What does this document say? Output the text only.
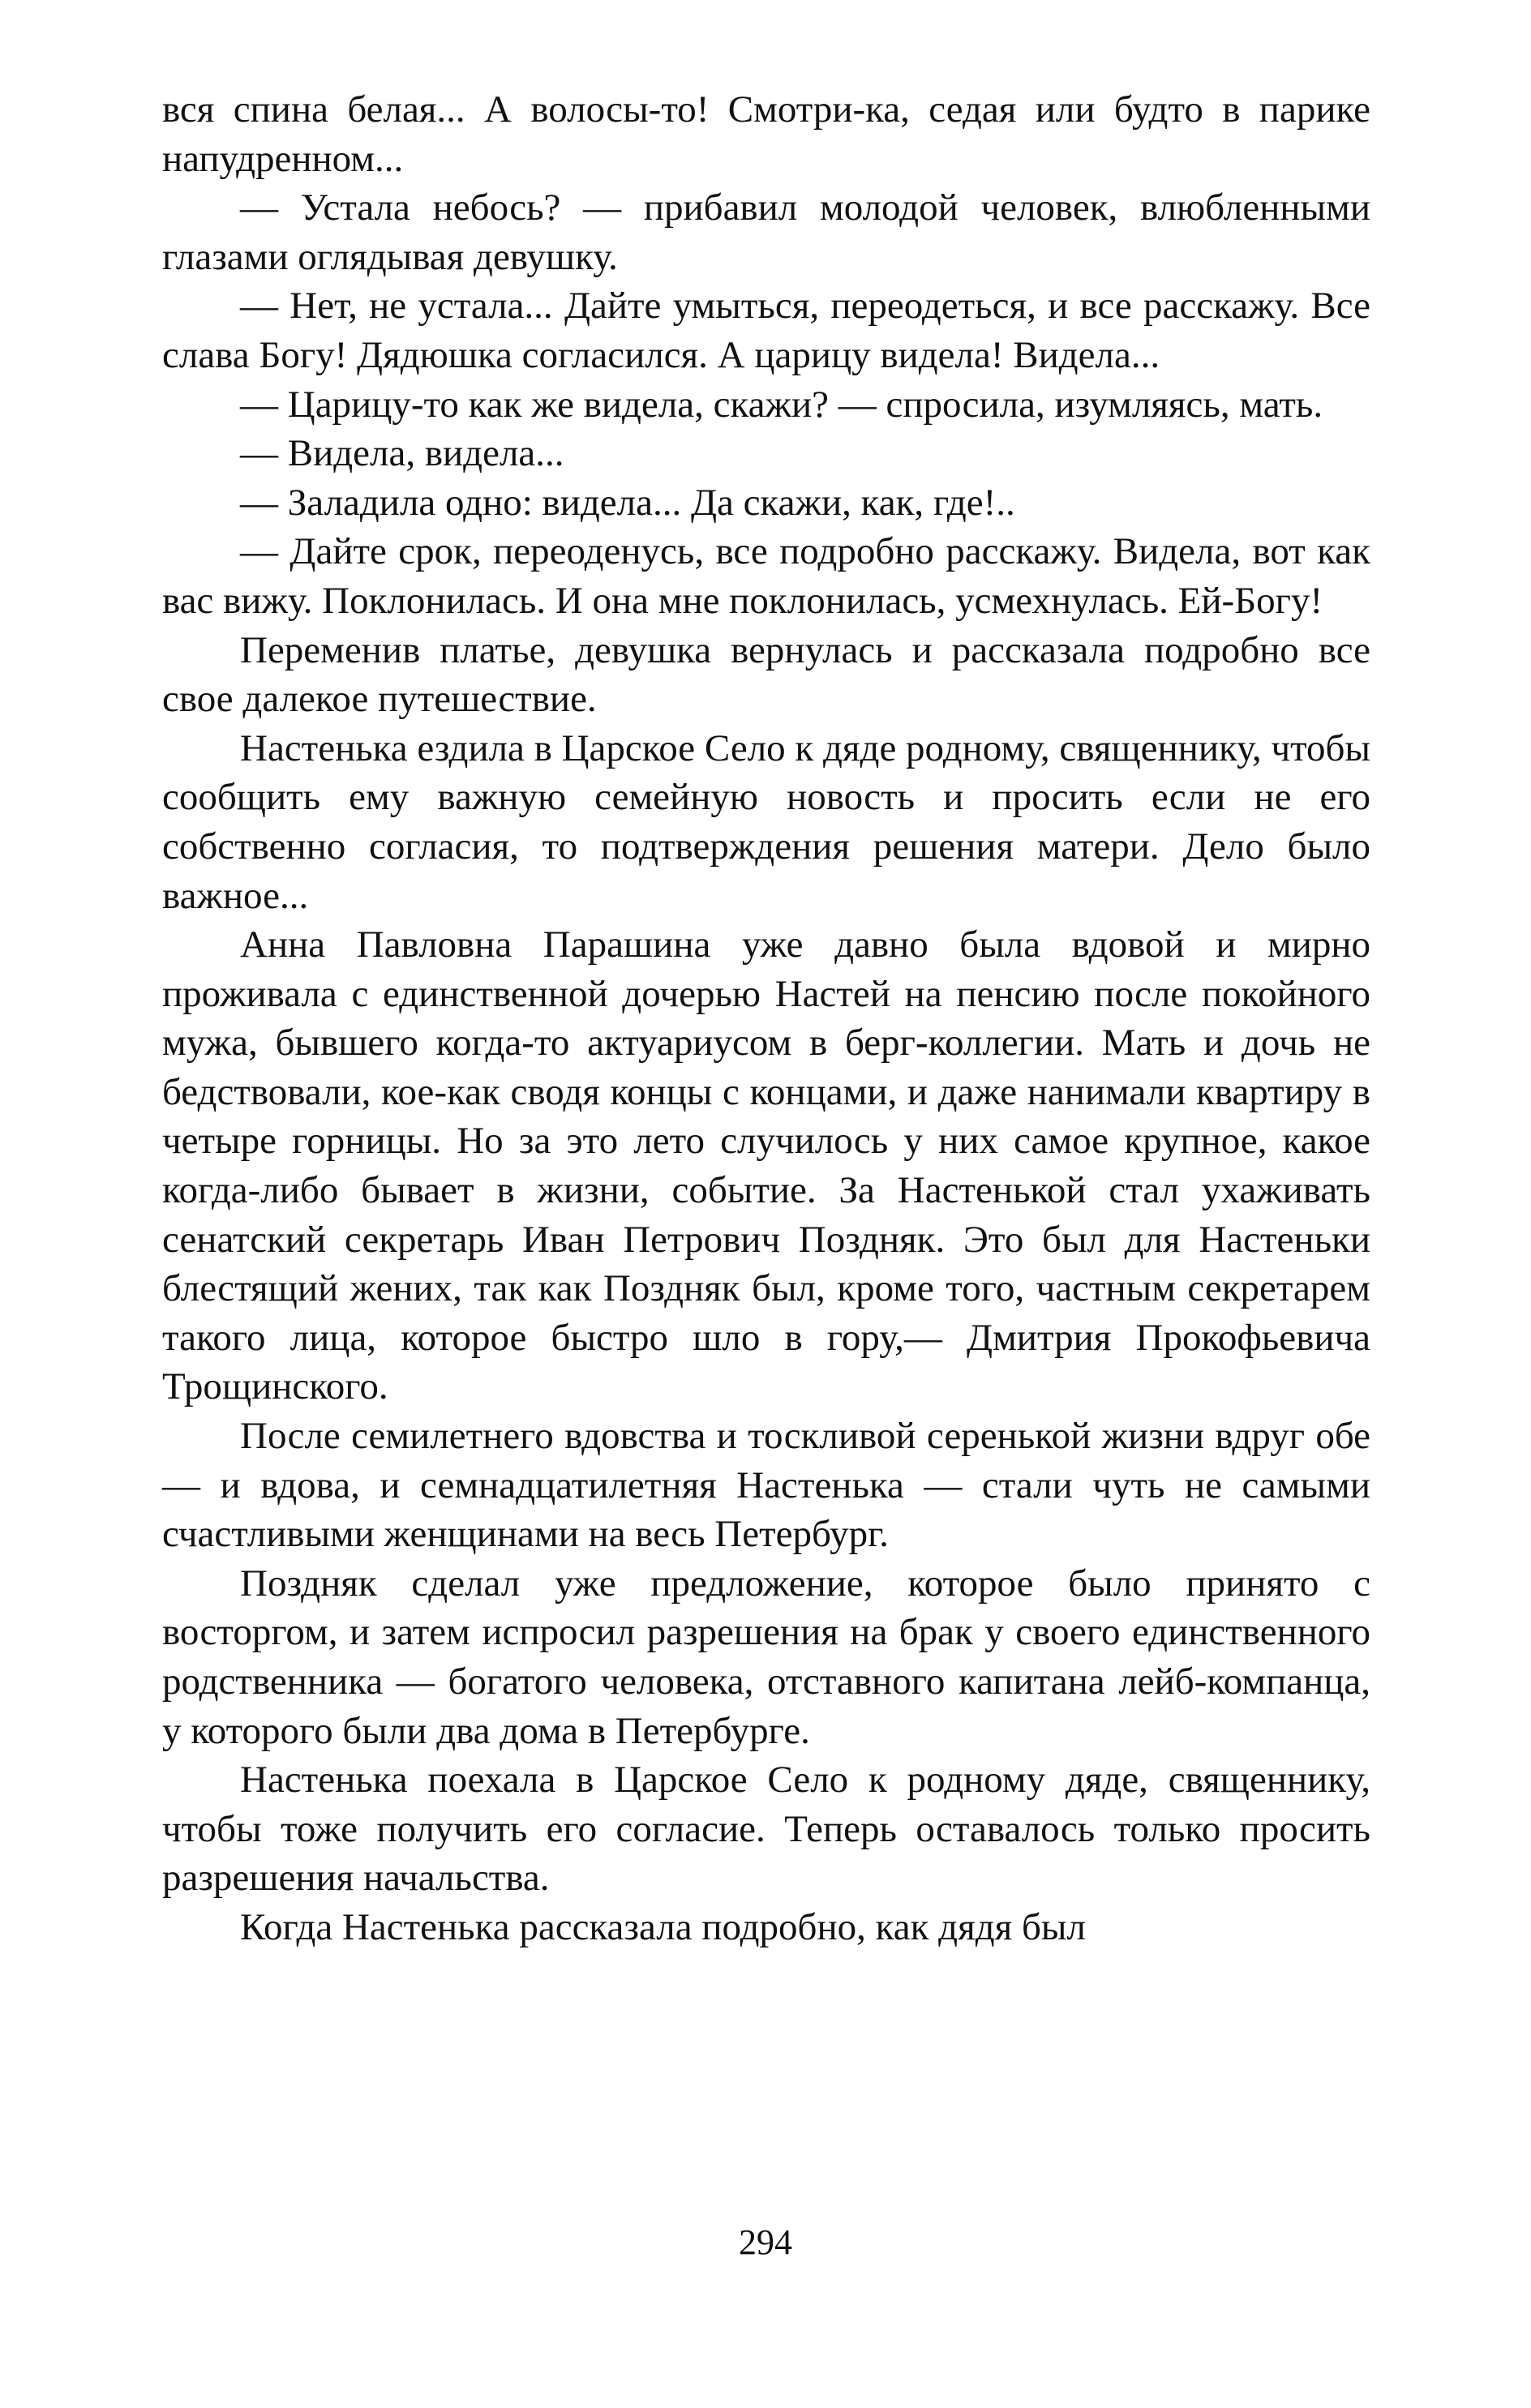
вся спина белая... А волосы-то! Смотри-ка, седая или будто в парике напудренном...

— Устала небось? — прибавил молодой человек, влюбленными глазами оглядывая девушку.

— Нет, не устала... Дайте умыться, переодеться, и все расскажу. Все слава Богу! Дядюшка согласился. А царицу видела! Видела...

— Царицу-то как же видела, скажи? — спросила, изумляясь, мать.

— Видела, видела...

— Заладила одно: видела... Да скажи, как, где!..

— Дайте срок, переоденусь, все подробно расскажу. Видела, вот как вас вижу. Поклонилась. И она мне поклонилась, усмехнулась. Ей-Богу!

Переменив платье, девушка вернулась и рассказала подробно все свое далекое путешествие.

Настенька ездила в Царское Село к дяде родному, священнику, чтобы сообщить ему важную семейную новость и просить если не его собственно согласия, то подтверждения решения матери. Дело было важное...

Анна Павловна Парашина уже давно была вдовой и мирно проживала с единственной дочерью Настей на пенсию после покойного мужа, бывшего когда-то актуариусом в берг-коллегии. Мать и дочь не бедствовали, кое-как сводя концы с концами, и даже нанимали квартиру в четыре горницы. Но за это лето случилось у них самое крупное, какое когда-либо бывает в жизни, событие. За Настенькой стал ухаживать сенатский секретарь Иван Петрович Поздняк. Это был для Настеньки блестящий жених, так как Поздняк был, кроме того, частным секретарем такого лица, которое быстро шло в гору,— Дмитрия Прокофьевича Трощинского.

После семилетнего вдовства и тоскливой серенькой жизни вдруг обе — и вдова, и семнадцатилетняя Настенька — стали чуть не самыми счастливыми женщинами на весь Петербург.

Поздняк сделал уже предложение, которое было принято с восторгом, и затем испросил разрешения на брак у своего единственного родственника — богатого человека, отставного капитана лейб-компанца, у которого были два дома в Петербурге.

Настенька поехала в Царское Село к родному дяде, священнику, чтобы тоже получить его согласие. Теперь оставалось только просить разрешения начальства.

Когда Настенька рассказала подробно, как дядя был

294
